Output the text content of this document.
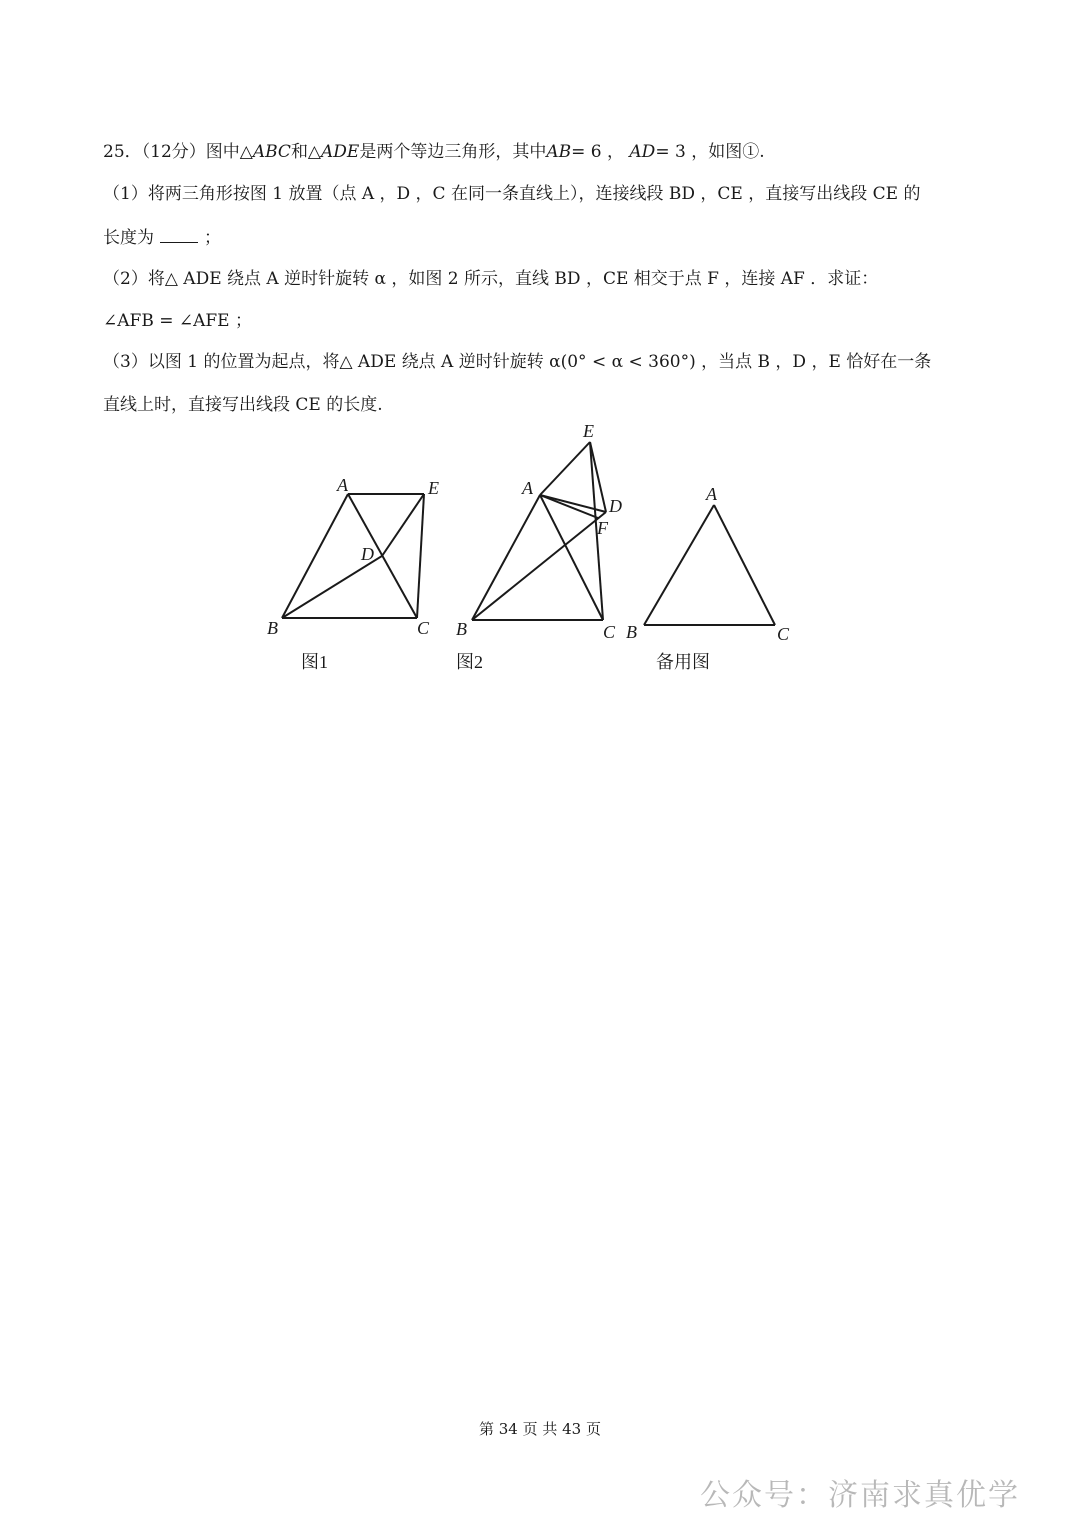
25．（12分）图中△ABC和△ADE是两个等边三角形，其中AB= 6 ， AD= 3 ，如图①.
（1）将两三角形按图 1 放置（点 A ，D ，C 在同一条直线上），连接线段 BD ，CE ，直接写出线段 CE 的
长度为	；
（2）将△ ADE 绕点 A 逆时针旋转 α ，如图 2 所示，直线 BD ，CE 相交于点 F ，连接 AF ．求证：
∠AFB = ∠AFE ；
（3）以图 1 的位置为起点，将△ ADE 绕点 A 逆时针旋转 α(0° < α < 360°) ，当点 B ，D ，E 恰好在一条
直线上时，直接写出线段 CE 的长度.
A	E
D
B	C
E
A
D
F
B	C
A
B	C
图1	图2	备用图
第 34 页 共 43 页
公众号：济南求真优学
